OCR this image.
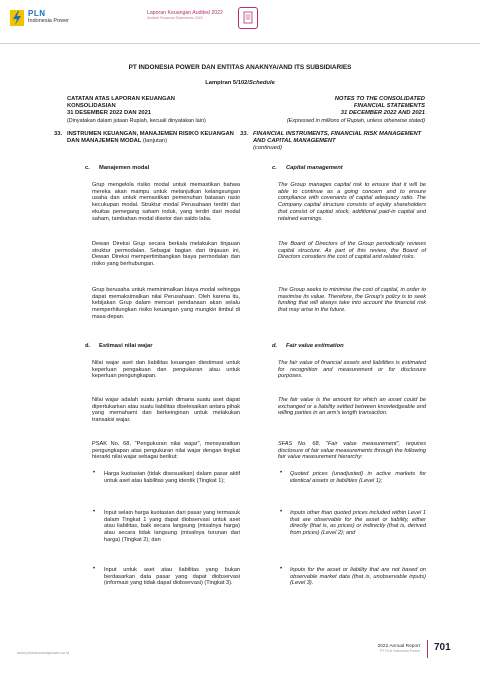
PLN
Indonesia Power
Laporan Keuangan Audited 2022
Audited Financial Statements 2022
PT INDONESIA POWER DAN ENTITAS ANAKNYA/AND ITS SUBSIDIARIES
Lampiran 5/102/Schedule
CATATAN ATAS LAPORAN KEUANGAN
KONSOLIDASIAN
31 DESEMBER 2022 DAN 2021
(Dinyatakan dalam jutaan Rupiah, kecuali dinyatakan lain)
NOTES TO THE CONSOLIDATED
FINANCIAL STATEMENTS
31 DECEMBER 2022 AND 2021
(Expressed in millions of Rupiah, unless otherwise stated)
33. INSTRUMEN KEUANGAN, MANAJEMEN RISIKO KEUANGAN DAN MANAJEMEN MODAL (lanjutan)
33. FINANCIAL INSTRUMENTS, FINANCIAL RISK MANAGEMENT AND CAPITAL MANAGEMENT
(continued)
c. Manajemen modal	c. Capital management
Grup mengelola risiko modal untuk memastikan bahwa mereka akan mampu untuk melanjutkan kelangsungan usaha dan untuk memastikan pemenuhan batasan rasio kecukupan modal. Struktur modal Perusahaan terdiri dari ekuitas pemegang saham induk, yang terdiri dari modal saham, tambahan modal disetor dan saldo laba.
The Group manages capital risk to ensure that it will be able to continue as a going concern and to ensure compliance with covenants of capital adequacy ratio. The Company capital structure consists of equity shareholders that consist of capital stock, additional paid-in capital and retained earnings.
Dewan Direksi Grup secara berkala melakukan tinjauan struktur permodalan. Sebagai bagian dari tinjauan ini, Dewan Direksi mempertimbangkan biaya permodalan dan risiko yang berhubungan.
The Board of Directors of the Group periodically reviews capital structure. As part of this review, the Board of Directors considers the cost of capital and related risks.
Grup berusaha untuk meminimalkan biaya modal sehingga dapat memaksimalkan nilai Perusahaan. Oleh karena itu, kebijakan Grup dalam mencari pendanaan akan selalu memperhitungkan risiko keuangan yang mungkin timbul di masa depan.
The Group seeks to minimise the cost of capital, in order to maximise its value. Therefore, the Group's policy is to seek funding that will always take into account the financial risk that may arise in the future.
d. Estimasi nilai wajar	d. Fair value estimation
Nilai wajar aset dan liabilitas keuangan diestimasi untuk keperluan pengakuan dan pengukuran atau untuk keperluan pengungkapan.
The fair value of financial assets and liabilities is estimated for recognition and measurement or for disclosure purposes.
Nilai wajar adalah suatu jumlah dimana suatu aset dapat dipertukarkan atau suatu liabilitas diselesaikan antara pihak yang memahami dan berkeinginan untuk melakukan transaksi wajar.
The fair value is the amount for which an asset could be exchanged or a liability settled between knowledgeable and willing parties in an arm's length transaction.
PSAK No. 68, "Pengukuran nilai wajar", mensyaratkan pengungkapan atas pengukuran nilai wajar dengan tingkat hierarki nilai wajar sebagai berikut:
SFAS No. 68, "Fair value measurement", requires disclosure of fair value measurements through the following fair value measurement hierarchy:
• Harga kuotasian (tidak disesuaikan) dalam pasar aktif untuk aset atau liabilitas yang identik (Tingkat 1);
• Quoted prices (unadjusted) in active markets for identical assets or liabilities (Level 1);
• Input selain harga kuotasian dari pasar yang termasuk dalam Tingkat 1 yang dapat diobservasi untuk aset atau liabilitas, baik secara langsung (misalnya harga) atau secara tidak langsung (misalnya turunan dari harga) (Tingkat 2); dan
• Inputs other than quoted prices included within Level 1 that are observable for the asset or liability, either directly (that is, as prices) or indirectly (that is, derived from prices) (Level 2); and
• Input untuk aset atau liabilitas yang bukan berdasarkan data pasar yang dapat diobservasi (informasi yang tidak dapat diobservasi) (Tingkat 3).
• Inputs for the asset or liability that are not based on observable market data (that is, unobservable inputs) (Level 3).
www.plnindonesiapower.co.id
2022 Annual Report
PT PLN Indonesia Power 701
